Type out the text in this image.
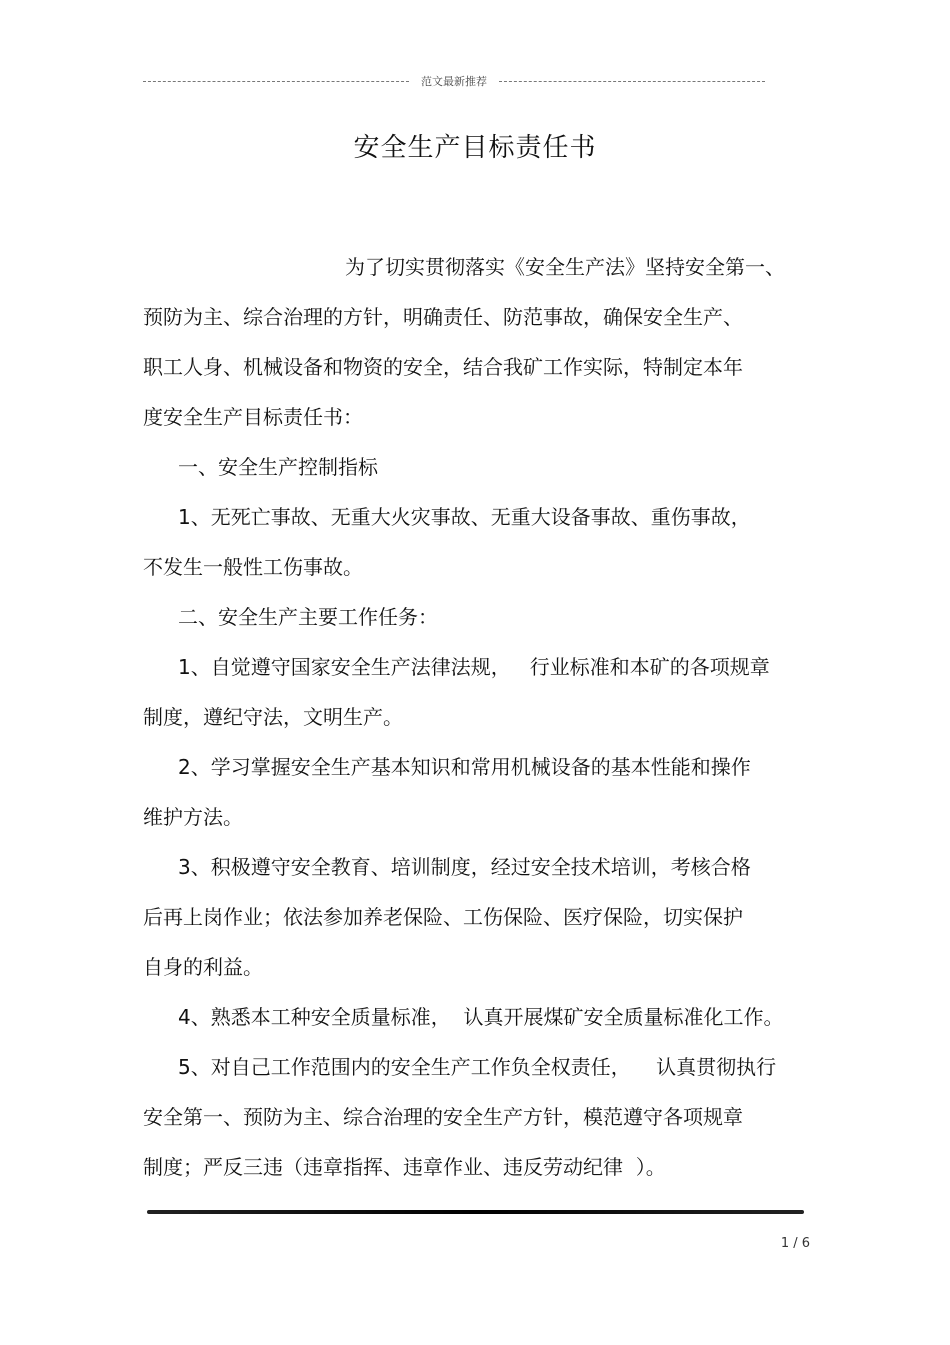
范文最新推荐
安全生产目标责任书
为了切实贯彻落实《安全生产法》坚持安全第一、
预防为主、综合治理的方针，明确责任、防范事故，确保安全生产、
职工人身、机械设备和物资的安全，结合我矿工作实际，特制定本年
度安全生产目标责任书：
一、安全生产控制指标
1、无死亡事故、无重大火灾事故、无重大设备事故、重伤事故，
不发生一般性工伤事故。
二、安全生产主要工作任务：
1、自觉遵守国家安全生产法律法规，   行业标准和本矿的各项规章
制度，遵纪守法，文明生产。
2、学习掌握安全生产基本知识和常用机械设备的基本性能和操作
维护方法。
3、积极遵守安全教育、培训制度，经过安全技术培训，考核合格
后再上岗作业；依法参加养老保险、工伤保险、医疗保险，切实保护
自身的利益。
4、熟悉本工种安全质量标准，  认真开展煤矿安全质量标准化工作。
5、对自己工作范围内的安全生产工作负全权责任，    认真贯彻执行
安全第一、预防为主、综合治理的安全生产方针，模范遵守各项规章
制度；严反三违（违章指挥、违章作业、违反劳动纪律  ）。
1 / 6
